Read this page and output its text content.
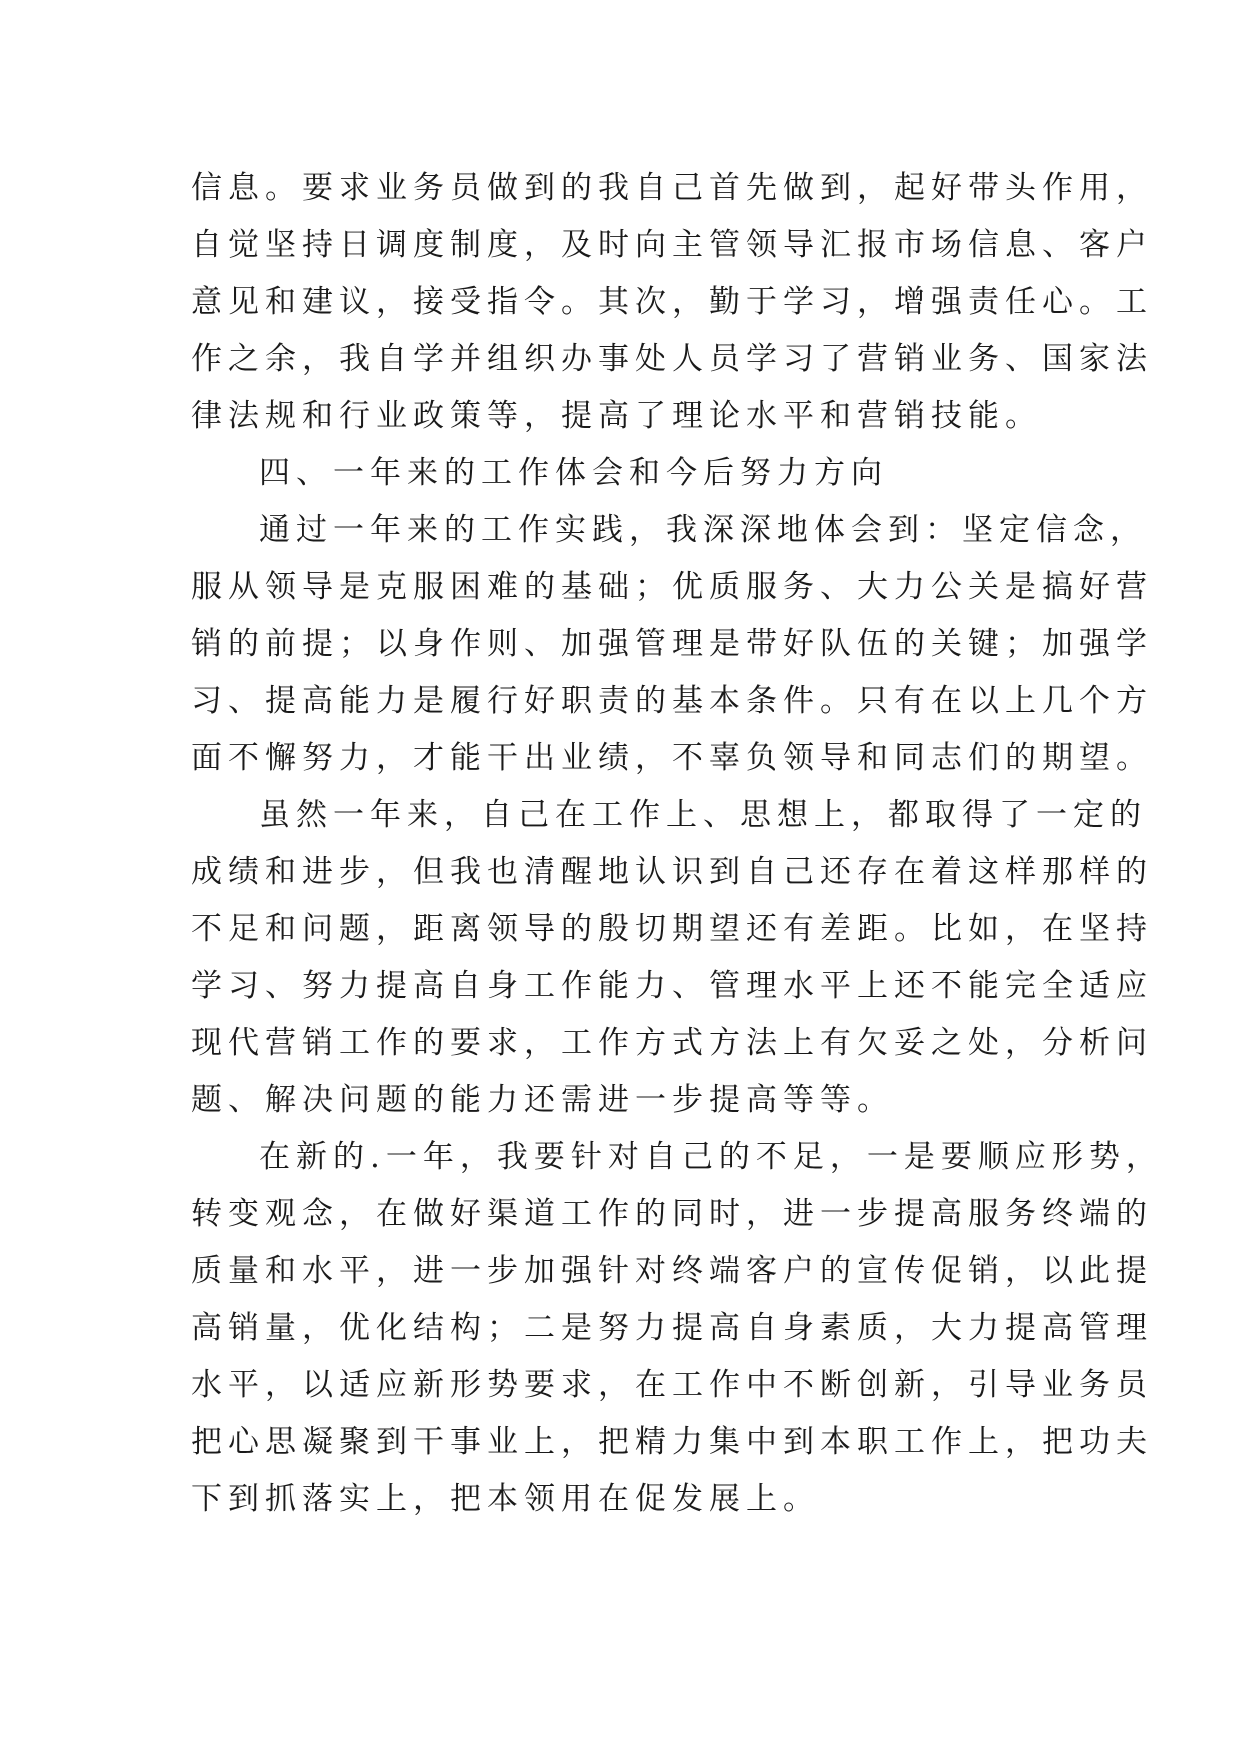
信息。要求业务员做到的我自己首先做到，起好带头作用，
自觉坚持日调度制度，及时向主管领导汇报市场信息、客户
意见和建议，接受指令。其次，勤于学习，增强责任心。工
作之余，我自学并组织办事处人员学习了营销业务、国家法
律法规和行业政策等，提高了理论水平和营销技能。
四、一年来的工作体会和今后努力方向
通过一年来的工作实践，我深深地体会到：坚定信念，
服从领导是克服困难的基础；优质服务、大力公关是搞好营
销的前提；以身作则、加强管理是带好队伍的关键；加强学
习、提高能力是履行好职责的基本条件。只有在以上几个方
面不懈努力，才能干出业绩，不辜负领导和同志们的期望。
虽然一年来，自己在工作上、思想上，都取得了一定的
成绩和进步，但我也清醒地认识到自己还存在着这样那样的
不足和问题，距离领导的殷切期望还有差距。比如，在坚持
学习、努力提高自身工作能力、管理水平上还不能完全适应
现代营销工作的要求，工作方式方法上有欠妥之处，分析问
题、解决问题的能力还需进一步提高等等。
在新的.一年，我要针对自己的不足，一是要顺应形势，
转变观念，在做好渠道工作的同时，进一步提高服务终端的
质量和水平，进一步加强针对终端客户的宣传促销，以此提
高销量，优化结构；二是努力提高自身素质，大力提高管理
水平，以适应新形势要求，在工作中不断创新，引导业务员
把心思凝聚到干事业上，把精力集中到本职工作上，把功夫
下到抓落实上，把本领用在促发展上。
